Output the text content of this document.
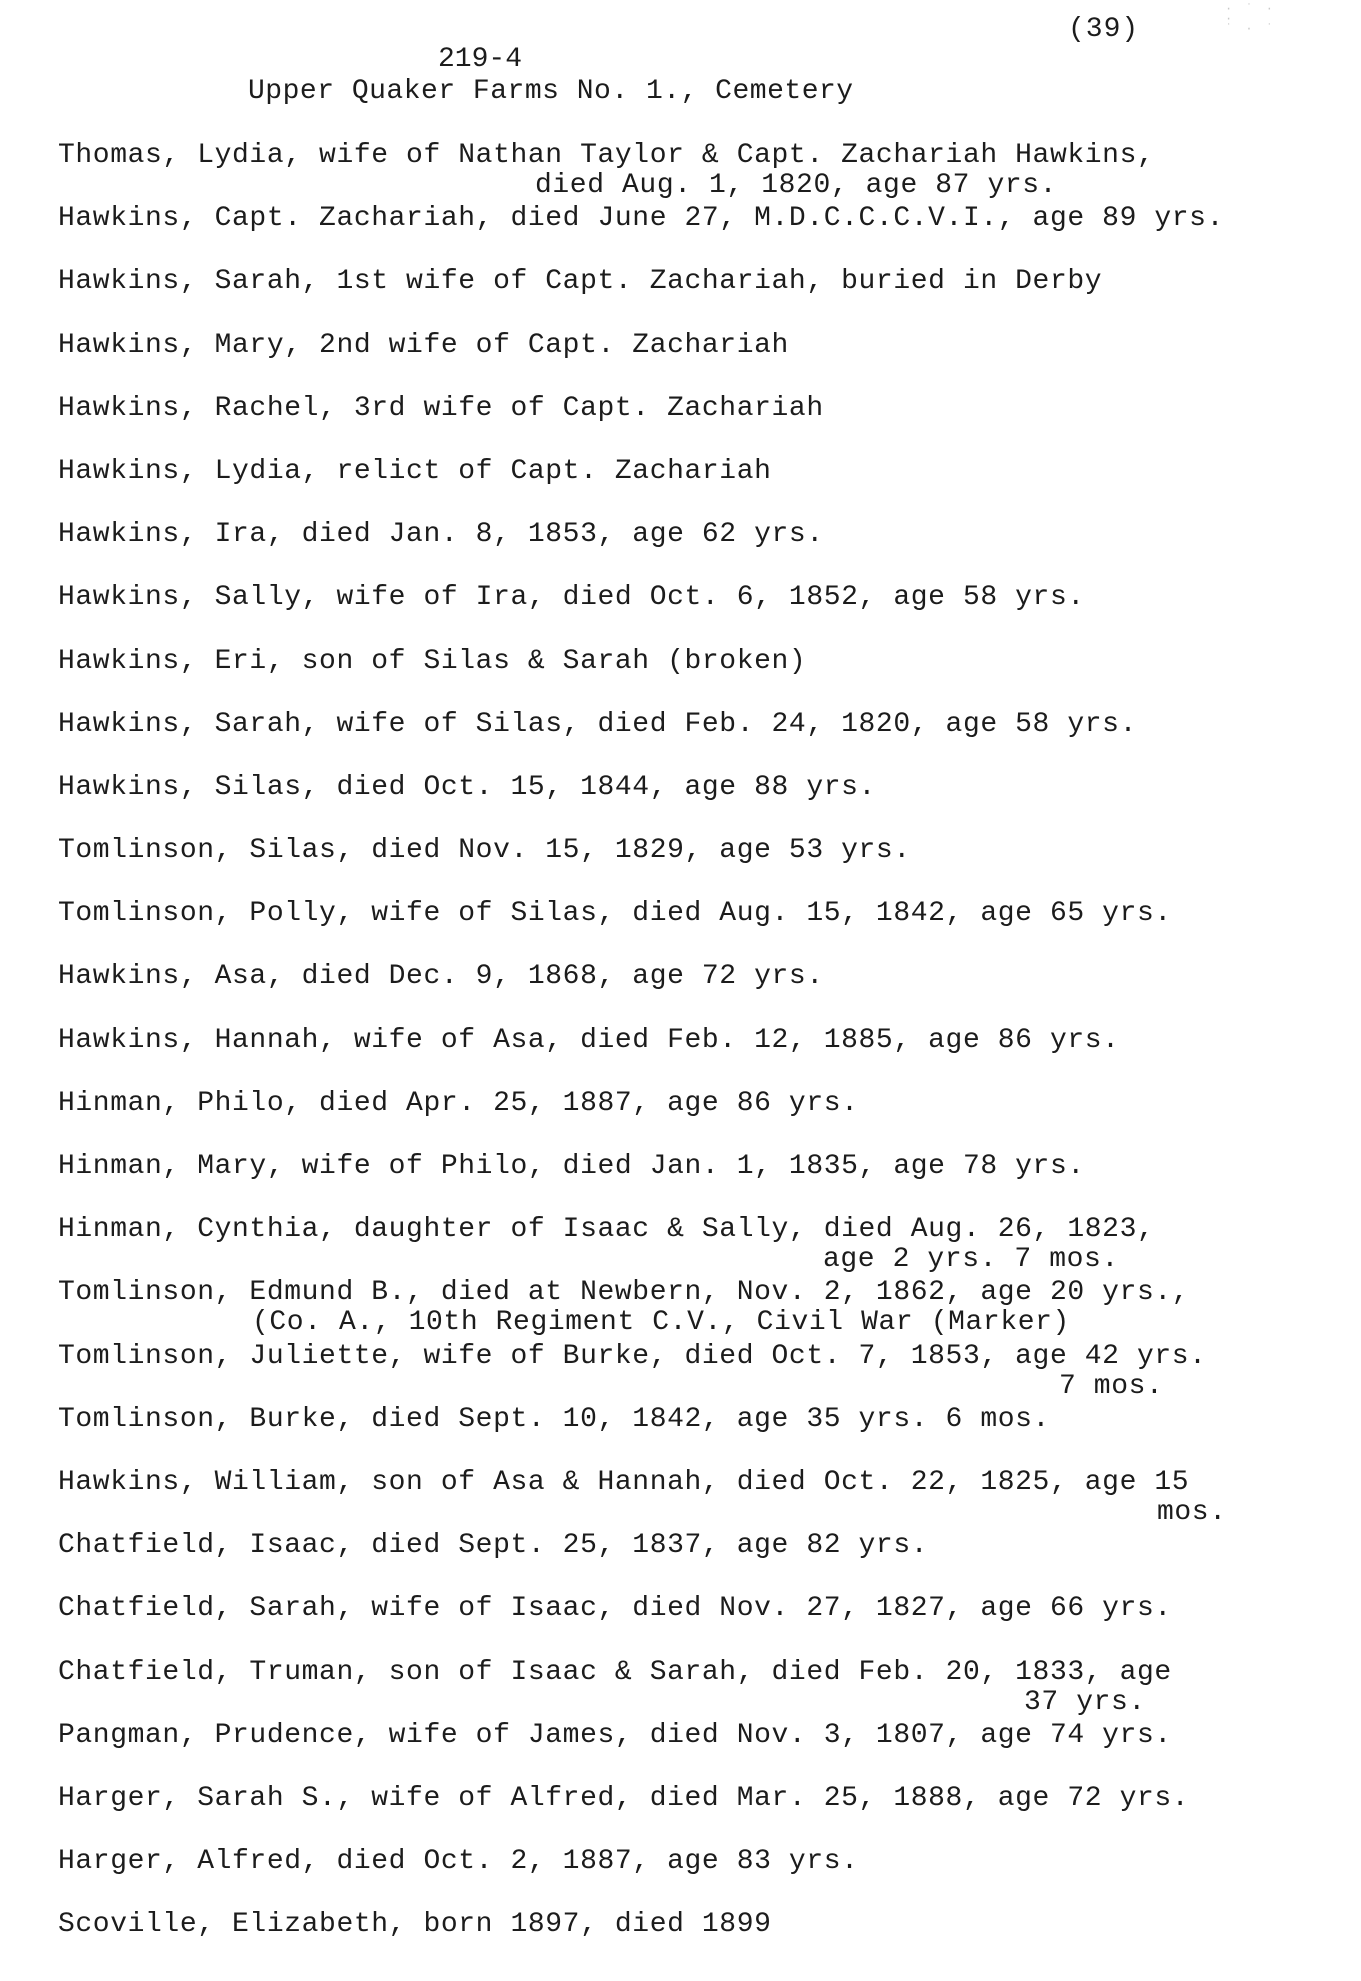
(39)
· ˙ · ·
˙ · ˙
219-4
Upper Quaker Farms No. 1., Cemetery
Thomas, Lydia, wife of Nathan Taylor & Capt. Zachariah Hawkins,
died Aug. 1, 1820, age 87 yrs.
Hawkins, Capt. Zachariah, died June 27, M.D.C.C.C.V.I., age 89 yrs.
Hawkins, Sarah, 1st wife of Capt. Zachariah, buried in Derby
Hawkins, Mary, 2nd wife of Capt. Zachariah
Hawkins, Rachel, 3rd wife of Capt. Zachariah
Hawkins, Lydia, relict of Capt. Zachariah
Hawkins, Ira, died Jan. 8, 1853, age 62 yrs.
Hawkins, Sally, wife of Ira, died Oct. 6, 1852, age 58 yrs.
Hawkins, Eri, son of Silas & Sarah (broken)
Hawkins, Sarah, wife of Silas, died Feb. 24, 1820, age 58 yrs.
Hawkins, Silas, died Oct. 15, 1844, age 88 yrs.
Tomlinson, Silas, died Nov. 15, 1829, age 53 yrs.
Tomlinson, Polly, wife of Silas, died Aug. 15, 1842, age 65 yrs.
Hawkins, Asa, died Dec. 9, 1868, age 72 yrs.
Hawkins, Hannah, wife of Asa, died Feb. 12, 1885, age 86 yrs.
Hinman, Philo, died Apr. 25, 1887, age 86 yrs.
Hinman, Mary, wife of Philo, died Jan. 1, 1835, age 78 yrs.
Hinman, Cynthia, daughter of Isaac & Sally, died Aug. 26, 1823,
age 2 yrs. 7 mos.
Tomlinson, Edmund B., died at Newbern, Nov. 2, 1862, age 20 yrs.,
(Co. A., 10th Regiment C.V., Civil War (Marker)
Tomlinson, Juliette, wife of Burke, died Oct. 7, 1853, age 42 yrs.
7 mos.
Tomlinson, Burke, died Sept. 10, 1842, age 35 yrs. 6 mos.
Hawkins, William, son of Asa & Hannah, died Oct. 22, 1825, age 15
mos.
Chatfield, Isaac, died Sept. 25, 1837, age 82 yrs.
Chatfield, Sarah, wife of Isaac, died Nov. 27, 1827, age 66 yrs.
Chatfield, Truman, son of Isaac & Sarah, died Feb. 20, 1833, age
37 yrs.
Pangman, Prudence, wife of James, died Nov. 3, 1807, age 74 yrs.
Harger, Sarah S., wife of Alfred, died Mar. 25, 1888, age 72 yrs.
Harger, Alfred, died Oct. 2, 1887, age 83 yrs.
Scoville, Elizabeth, born 1897, died 1899
